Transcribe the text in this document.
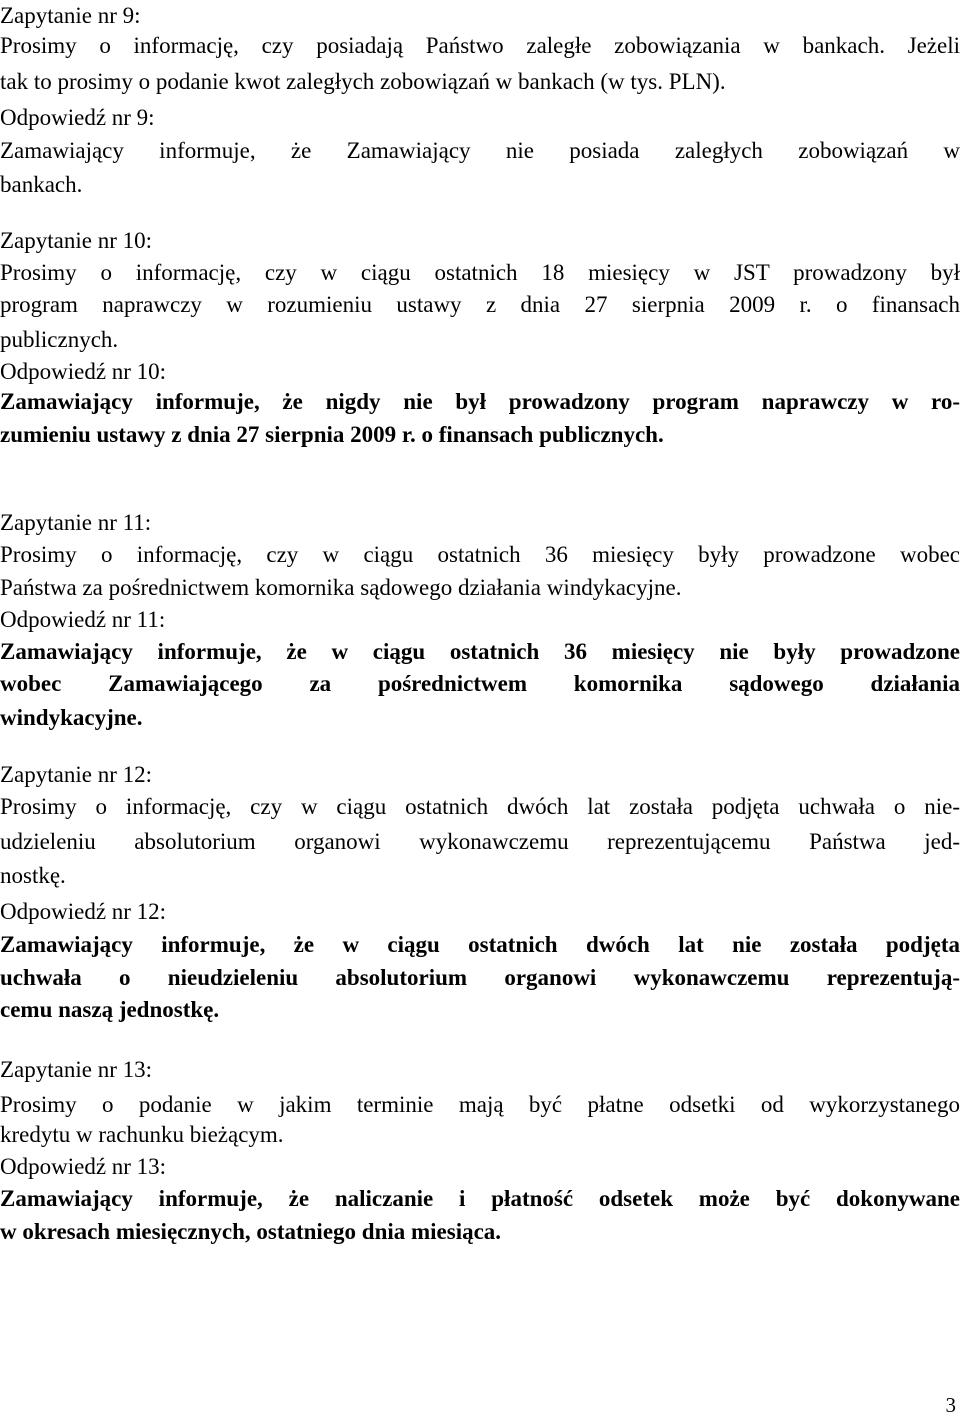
Zapytanie nr 9:
Prosimy o informację, czy posiadają Państwo zaległe zobowiązania w bankach. Jeżeli
tak to prosimy o podanie kwot zaległych zobowiązań w bankach (w tys. PLN).
Odpowiedź nr 9:
Zamawiający informuje, że Zamawiający nie posiada zaległych zobowiązań w
bankach.
Zapytanie nr 10:
Prosimy o informację, czy w ciągu ostatnich 18 miesięcy w JST prowadzony był
program naprawczy w rozumieniu ustawy z dnia 27 sierpnia 2009 r. o finansach
publicznych.
Odpowiedź nr 10:
Zamawiający informuje, że nigdy nie był prowadzony program naprawczy w ro-
zumieniu ustawy z dnia 27 sierpnia 2009 r. o finansach publicznych.
Zapytanie nr 11:
Prosimy o informację, czy w ciągu ostatnich 36 miesięcy były prowadzone wobec
Państwa za pośrednictwem komornika sądowego działania windykacyjne.
Odpowiedź nr 11:
Zamawiający informuje, że w ciągu ostatnich 36 miesięcy nie były prowadzone
wobec Zamawiającego za pośrednictwem komornika sądowego działania
windykacyjne.
Zapytanie nr 12:
Prosimy o informację, czy w ciągu ostatnich dwóch lat została podjęta uchwała o nie-
udzieleniu absolutorium organowi wykonawczemu reprezentującemu Państwa jed-
nostkę.
Odpowiedź nr 12:
Zamawiający informuje, że w ciągu ostatnich dwóch lat nie została podjęta
uchwała o nieudzieleniu absolutorium organowi wykonawczemu reprezentują-
cemu naszą jednostkę.
Zapytanie nr 13:
Prosimy o podanie w jakim terminie mają być płatne odsetki od wykorzystanego
kredytu w rachunku bieżącym.
Odpowiedź nr 13:
Zamawiający informuje, że naliczanie i płatność odsetek może być dokonywane
w okresach miesięcznych, ostatniego dnia miesiąca.
3
